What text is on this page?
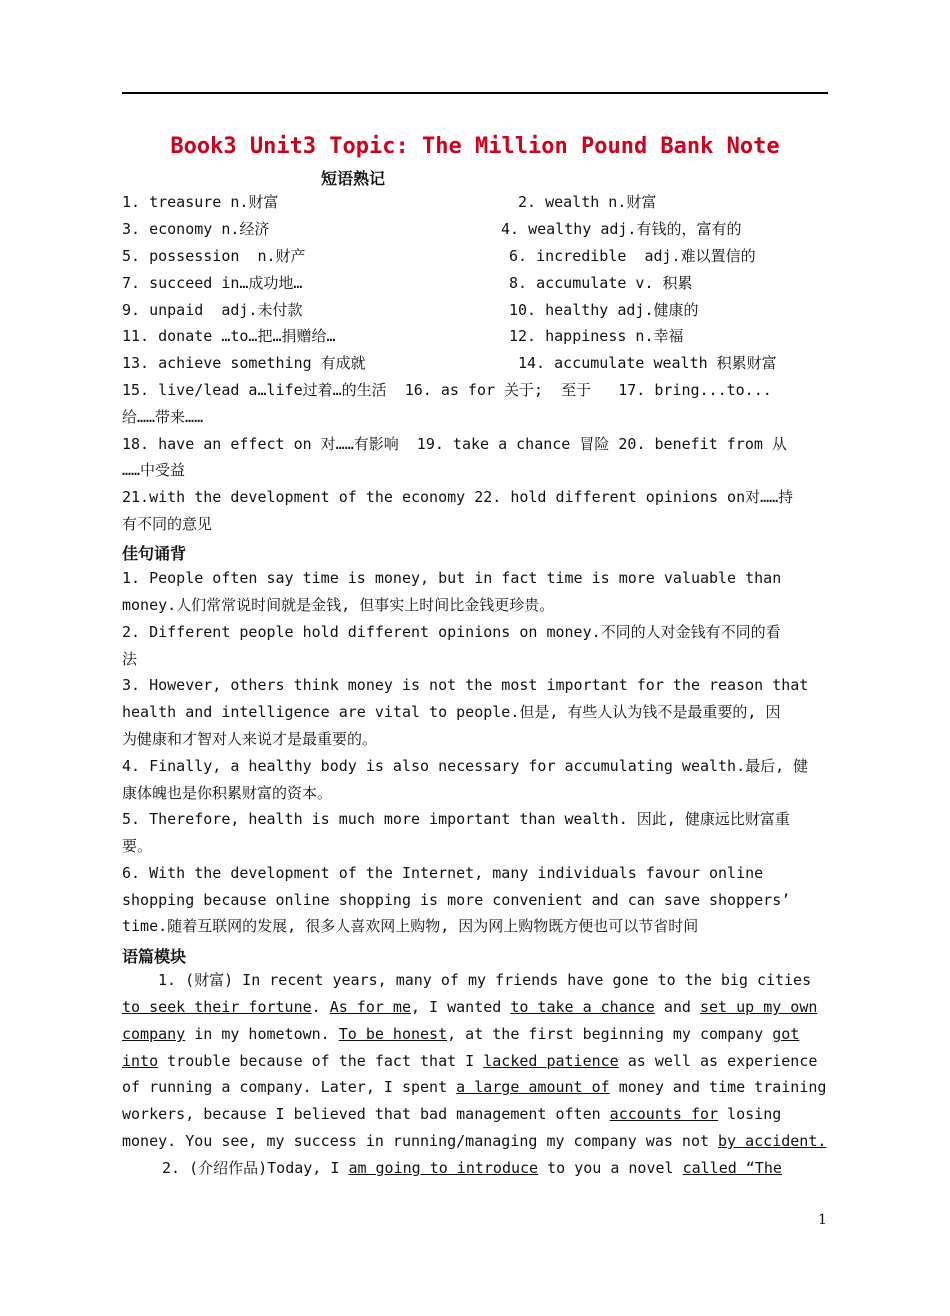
Book3 Unit3 Topic: The Million Pound Bank Note
短语熟记
1. treasure n.财富	2. wealth n.财富
3. economy n.经济	4. wealthy adj.有钱的，富有的
5. possession  n.财产	6. incredible  adj.难以置信的
7. succeed in…成功地…	8. accumulate v. 积累
9. unpaid  adj.未付款	10. healthy adj.健康的
11. donate …to…把…捐赠给…	12. happiness n.幸福
13. achieve something 有成就	14. accumulate wealth 积累财富
15. live/lead a…life过着…的生活  16. as for 关于;  至于   17. bring...to...
给……带来……
18. have an effect on 对……有影响  19. take a chance 冒险 20. benefit from 从
……中受益
21.with the development of the economy 22. hold different opinions on对……持
有不同的意见
佳句诵背
1. People often say time is money, but in fact time is more valuable than
money.人们常常说时间就是金钱, 但事实上时间比金钱更珍贵。
2. Different people hold different opinions on money.不同的人对金钱有不同的看
法
3. However, others think money is not the most important for the reason that
health and intelligence are vital to people.但是, 有些人认为钱不是最重要的, 因
为健康和才智对人来说才是最重要的。
4. Finally, a healthy body is also necessary for accumulating wealth.最后, 健
康体魄也是你积累财富的资本。
5. Therefore, health is much more important than wealth. 因此, 健康远比财富重
要。
6. With the development of the Internet, many individuals favour online
shopping because online shopping is more convenient and can save shoppers’
time.随着互联网的发展, 很多人喜欢网上购物, 因为网上购物既方便也可以节省时间
语篇模块
1. (财富) In recent years, many of my friends have gone to the big cities
to seek their fortune. As for me, I wanted to take a chance and set up my own
company in my hometown. To be honest, at the first beginning my company got
into trouble because of the fact that I lacked patience as well as experience
of running a company. Later, I spent a large amount of money and time training
workers, because I believed that bad management often accounts for losing
money. You see, my success in running/managing my company was not by accident.
2. (介绍作品)Today, I am going to introduce to you a novel called “The
1
